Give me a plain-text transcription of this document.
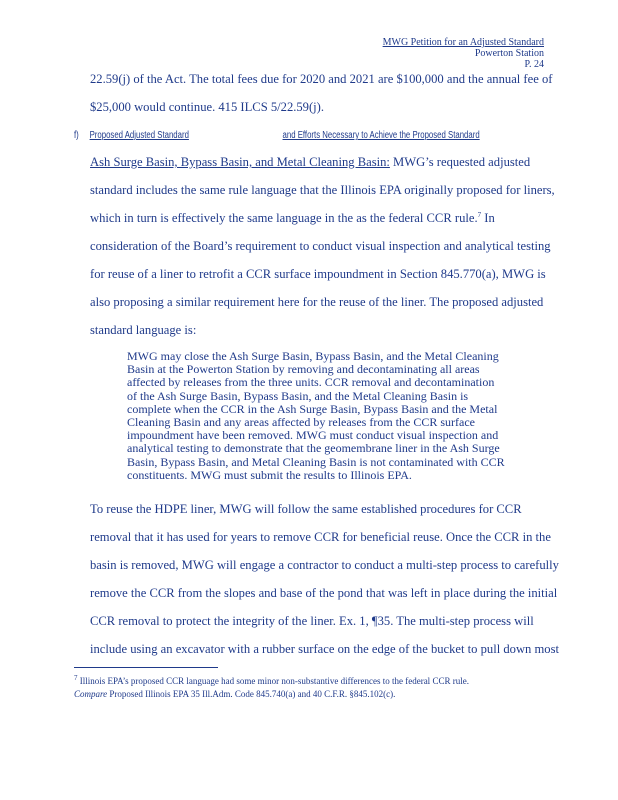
MWG Petition for an Adjusted Standard
Powerton Station
P. 24
22.59(j) of the Act. The total fees due for 2020 and 2021 are $100,000 and the annual fee of
$25,000 would continue. 415 ILCS 5/22.59(j).
f) Proposed Adjusted Standard	and Efforts Necessary to Achieve the Proposed Standard
Ash Surge Basin, Bypass Basin, and Metal Cleaning Basin: MWG’s requested adjusted
standard includes the same rule language that the Illinois EPA originally proposed for liners,
which in turn is effectively the same language in the as the federal CCR rule.$^7$ In
consideration of the Board’s requirement to conduct visual inspection and analytical testing
for reuse of a liner to retrofit a CCR surface impoundment in Section 845.770(a), MWG is
also proposing a similar requirement here for the reuse of the liner. The proposed adjusted
standard language is:
MWG may close the Ash Surge Basin, Bypass Basin, and the Metal Cleaning
Basin at the Powerton Station by removing and decontaminating all areas
affected by releases from the three units. CCR removal and decontamination
of the Ash Surge Basin, Bypass Basin, and the Metal Cleaning Basin is
complete when the CCR in the Ash Surge Basin, Bypass Basin and the Metal
Cleaning Basin and any areas affected by releases from the CCR surface
impoundment have been removed. MWG must conduct visual inspection and
analytical testing to demonstrate that the geomembrane liner in the Ash Surge
Basin, Bypass Basin, and Metal Cleaning Basin is not contaminated with CCR
constituents. MWG must submit the results to Illinois EPA.
To reuse the HDPE liner, MWG will follow the same established procedures for CCR
removal that it has used for years to remove CCR for beneficial reuse. Once the CCR in the
basin is removed, MWG will engage a contractor to conduct a multi-step process to carefully
remove the CCR from the slopes and base of the pond that was left in place during the initial
CCR removal to protect the integrity of the liner. Ex. 1, ¶35. The multi-step process will
include using an excavator with a rubber surface on the edge of the bucket to pull down most
$^7$ Illinois EPA’s proposed CCR language had some minor non-substantive differences to the federal CCR rule.
Compare Proposed Illinois EPA 35 Ill.Adm. Code 845.740(a) and 40 C.F.R. §845.102(c).
